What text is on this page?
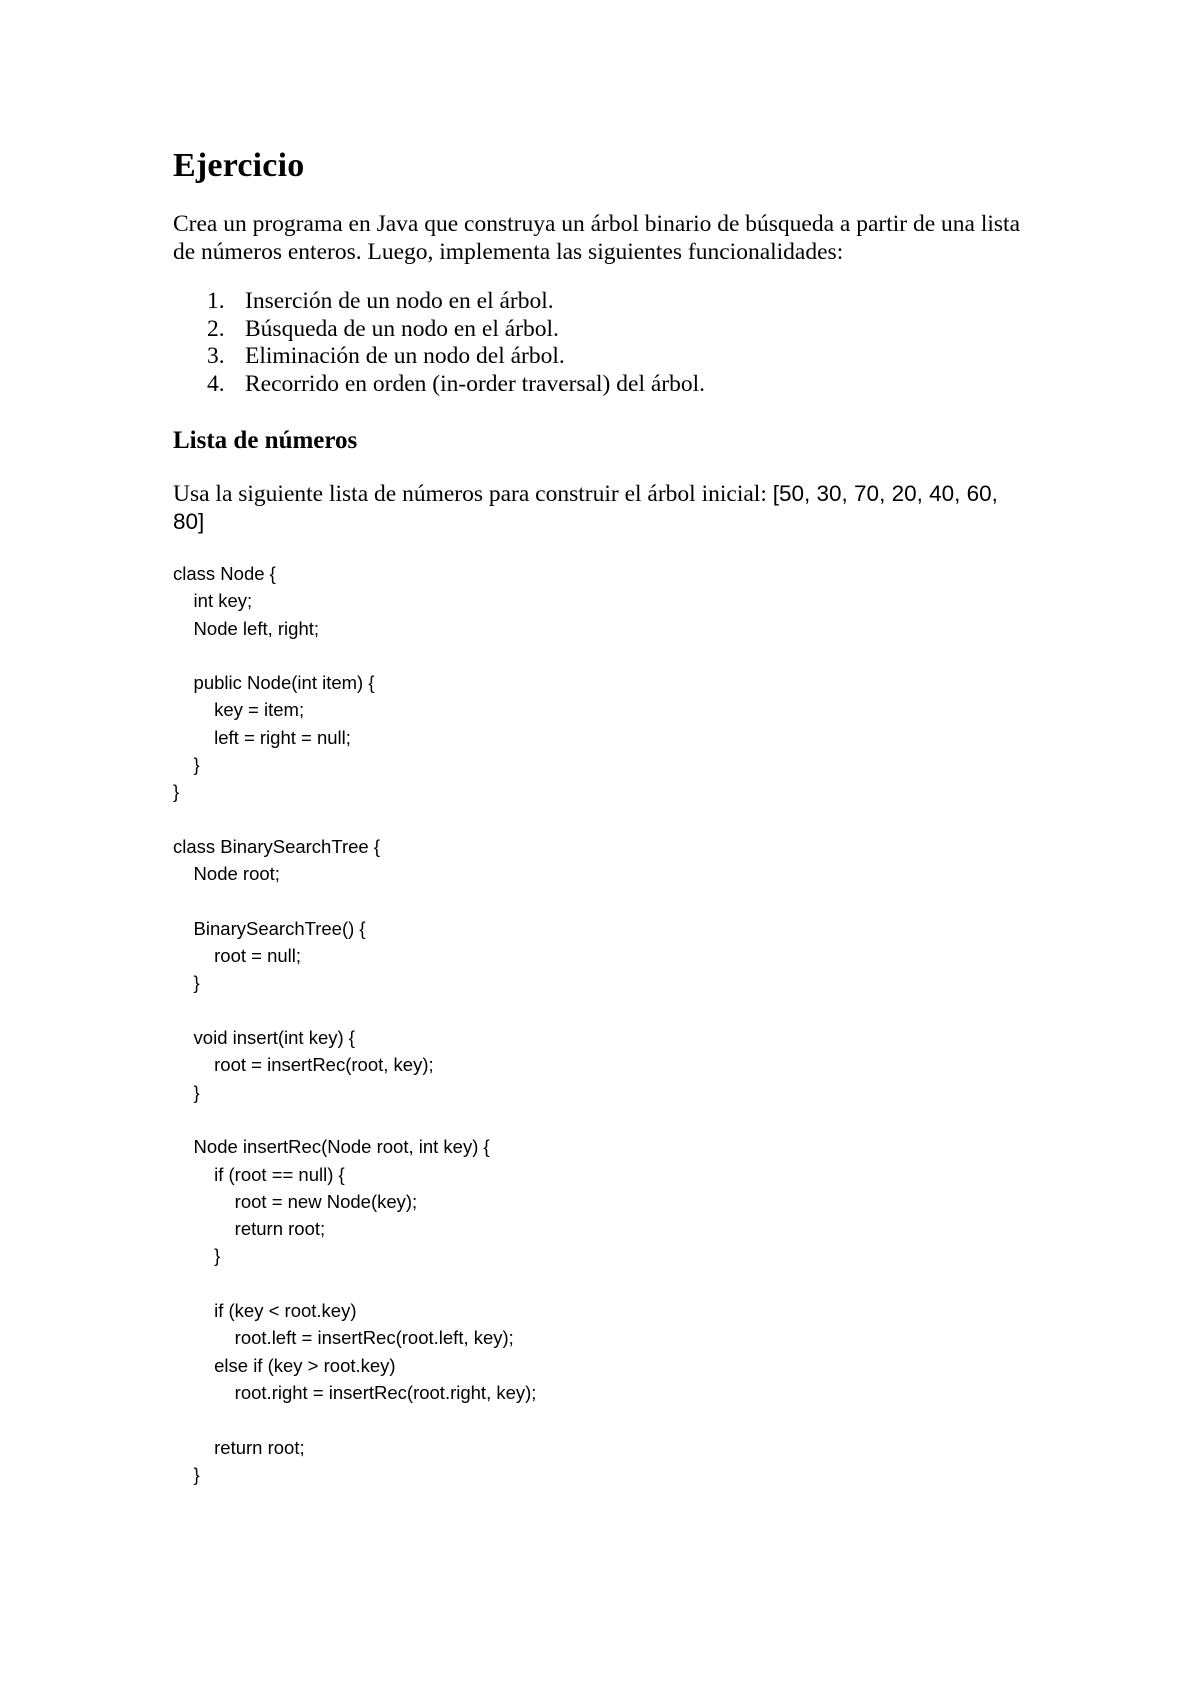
Ejercicio

Crea un programa en Java que construya un árbol binario de búsqueda a partir de una lista de números enteros. Luego, implementa las siguientes funcionalidades:

1. Inserción de un nodo en el árbol.
2. Búsqueda de un nodo en el árbol.
3. Eliminación de un nodo del árbol.
4. Recorrido en orden (in-order traversal) del árbol.
Lista de números

Usa la siguiente lista de números para construir el árbol inicial: [50, 30, 70, 20, 40, 60, 80]

class Node {
int key;
Node left, right;
public Node(int item) {
key = item;
left = right = null;
}
}
class BinarySearchTree {
Node root;
BinarySearchTree() {
root = null;
}
void insert(int key) {
root = insertRec(root, key);
}
Node insertRec(Node root, int key) {
if (root == null) {
root = new Node(key);
return root;
}
if (key < root.key)
root.left = insertRec(root.left, key);
else if (key > root.key)
root.right = insertRec(root.right, key);
return root;
}
